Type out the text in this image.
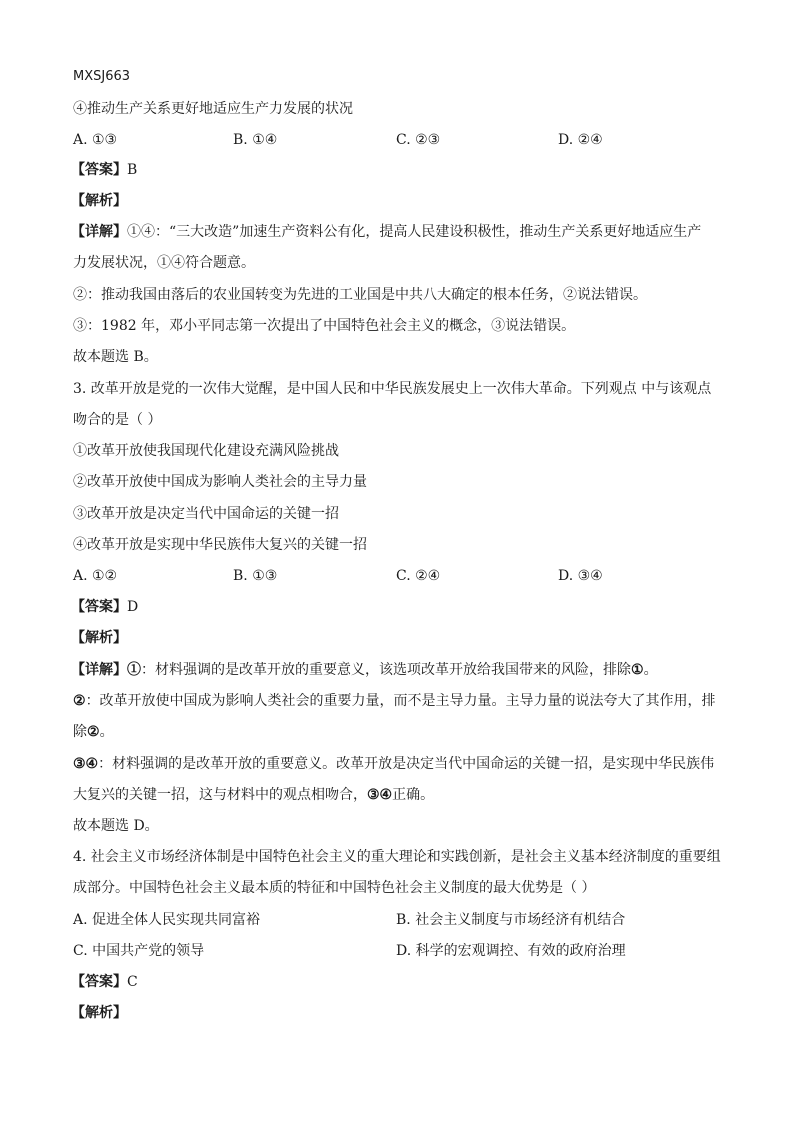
MXSJ663
④推动生产关系更好地适应生产力发展的状况
A. ①③	B. ①④	C. ②③	D. ②④
【答案】B
【解析】
【详解】①④：“三大改造”加速生产资料公有化，提高人民建设积极性，推动生产关系更好地适应生产
力发展状况，①④符合题意。
②：推动我国由落后的农业国转变为先进的工业国是中共八大确定的根本任务，②说法错误。
③：1982 年，邓小平同志第一次提出了中国特色社会主义的概念，③说法错误。
故本题选 B。
3. 改革开放是党的一次伟大觉醒，是中国人民和中华民族发展史上一次伟大革命。下列观点 中与该观点
吻合的是（ ）
①改革开放使我国现代化建设充满风险挑战
②改革开放使中国成为影响人类社会的主导力量
③改革开放是决定当代中国命运的关键一招
④改革开放是实现中华民族伟大复兴的关键一招
A. ①②	B. ①③	C. ②④	D. ③④
【答案】D
【解析】
【详解】①：材料强调的是改革开放的重要意义，该选项改革开放给我国带来的风险，排除①。
②：改革开放使中国成为影响人类社会的重要力量，而不是主导力量。主导力量的说法夸大了其作用，排
除②。
③④：材料强调的是改革开放的重要意义。改革开放是决定当代中国命运的关键一招，是实现中华民族伟
大复兴的关键一招，这与材料中的观点相吻合，③④正确。
故本题选 D。
4. 社会主义市场经济体制是中国特色社会主义的重大理论和实践创新，是社会主义基本经济制度的重要组
成部分。中国特色社会主义最本质的特征和中国特色社会主义制度的最大优势是（ ）
A. 促进全体人民实现共同富裕	B. 社会主义制度与市场经济有机结合
C. 中国共产党的领导	D. 科学的宏观调控、有效的政府治理
【答案】C
【解析】
